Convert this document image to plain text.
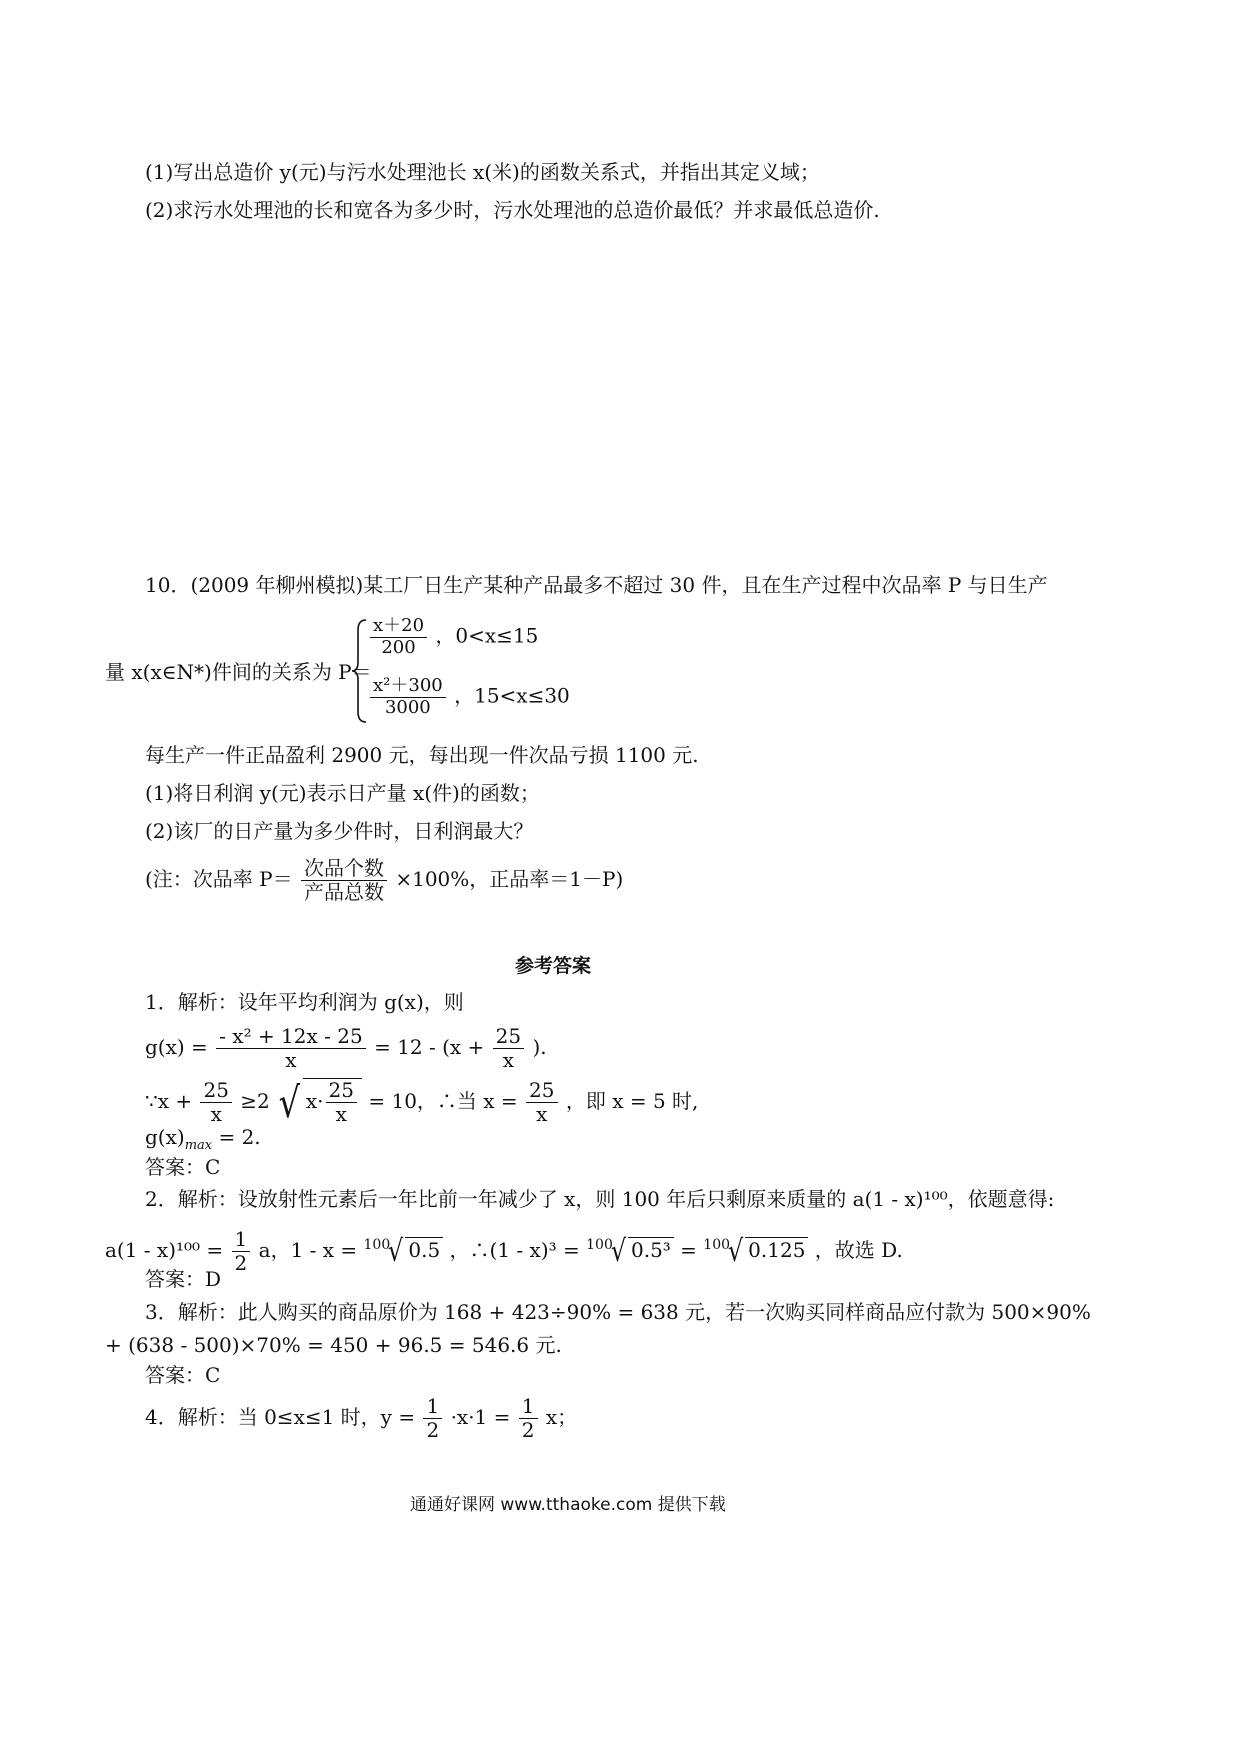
(1)写出总造价 y(元)与污水处理池长 x(米)的函数关系式，并指出其定义域；
(2)求污水处理池的长和宽各为多少时，污水处理池的总造价最低？并求最低总造价.
10．(2009 年柳州模拟)某工厂日生产某种产品最多不超过 30 件，且在生产过程中次品率 P 与日生产
量 x(x∈N*)件间的关系为 P＝
$\frac{x+20}{200}$ ，0<x≤15
$\frac{\text{x²＋300}}{3000}$ ，15<x≤30
每生产一件正品盈利 2900 元，每出现一件次品亏损 1100 元.
(1)将日利润 y(元)表示日产量 x(件)的函数；
(2)该厂的日产量为多少件时，日利润最大？
(注：次品率 $P= \frac{\text{次品个数}}{\text{产品总数}} \times 100\%$，正品率＝1－P)
参考答案
1．解析：设年平均利润为 g(x)，则
$g(x) = \frac{\text{- x² + 12x - 25}}{x} = 12 - (x + \frac{25}{x}$ ).
∵x + $\frac{25}{x} \ge 2$ √ $x\cdot \frac{25}{x} = 10$，∴当 $x = \frac{25}{x}$ ，即 x = 5 时,
$g(x)_{max} = 2$.
答案：C
2．解析：设放射性元素后一年比前一年减少了 x，则 100 年后只剩原来质量的 a(1 - x)¹⁰⁰，依题意得:
$a(1 - x)^{100} = \frac{1}{2}$ a，1 - x = $^{100}$√ 0.5 ，∴(1 - x)³ = $^{100}$√ 0.5³ = $^{100}$√ 0.125 ，故选 D.
答案：D
3．解析：此人购买的商品原价为 168 + 423÷90% = 638 元，若一次购买同样商品应付款为 500×90%
+ (638 - 500)×70% = 450 + 96.5 = 546.6 元.
答案：C
4．解析：当 0≤x≤1 时，$y = \frac{1}{2} \cdot x\cdot 1 = \frac{1}{2}$ x；
通通好课网 www.tthaoke.com 提供下载
